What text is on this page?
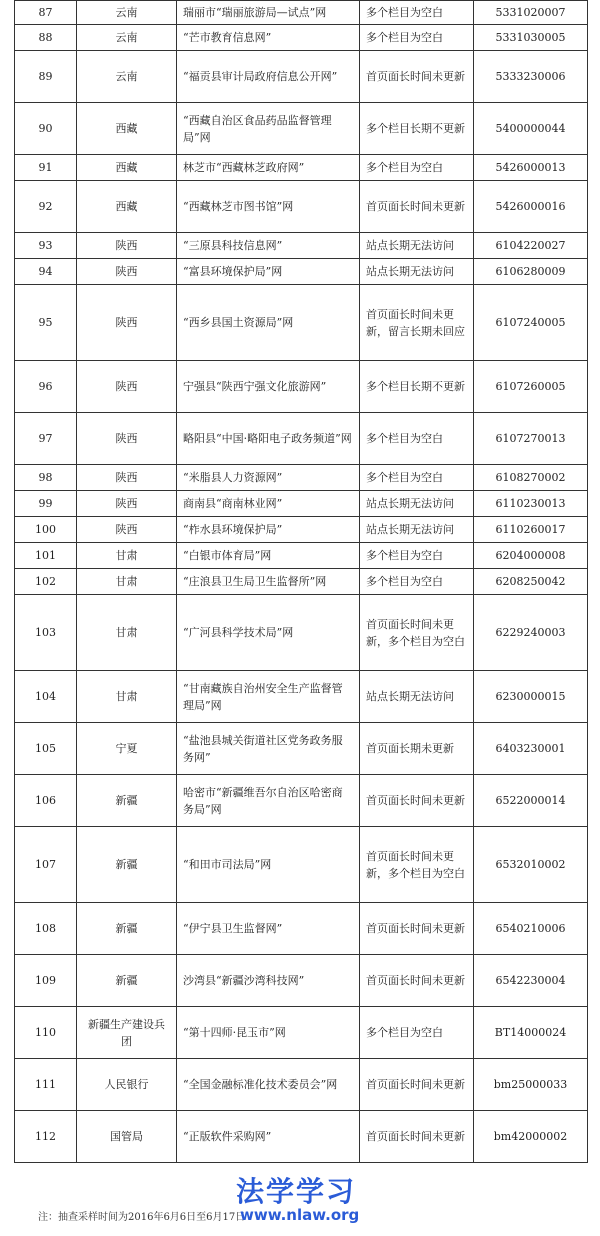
87	云南	瑞丽市“瑞丽旅游局—试点”网	多个栏目为空白	5331020007
88	云南	“芒市教育信息网”	多个栏目为空白	5331030005
89	云南	“福贡县审计局政府信息公开网”	首页面长时间未更新	5333230006
90	西藏	“西藏自治区食品药品监督管理局”网	多个栏目长期不更新	5400000044
91	西藏	林芝市“西藏林芝政府网”	多个栏目为空白	5426000013
92	西藏	“西藏林芝市图书馆”网	首页面长时间未更新	5426000016
93	陕西	“三原县科技信息网”	站点长期无法访问	6104220027
94	陕西	“富县环境保护局”网	站点长期无法访问	6106280009
95	陕西	“西乡县国土资源局”网	首页面长时间未更新，留言长期未回应	6107240005
96	陕西	宁强县“陕西宁强文化旅游网”	多个栏目长期不更新	6107260005
97	陕西	略阳县“中国·略阳电子政务频道”网	多个栏目为空白	6107270013
98	陕西	“米脂县人力资源网”	多个栏目为空白	6108270002
99	陕西	商南县“商南林业网”	站点长期无法访问	6110230013
100	陕西	“柞水县环境保护局”	站点长期无法访问	6110260017
101	甘肃	“白银市体育局”网	多个栏目为空白	6204000008
102	甘肃	“庄浪县卫生局卫生监督所”网	多个栏目为空白	6208250042
103	甘肃	“广河县科学技术局”网	首页面长时间未更新，多个栏目为空白	6229240003
104	甘肃	“甘南藏族自治州安全生产监督管理局”网	站点长期无法访问	6230000015
105	宁夏	“盐池县城关街道社区党务政务服务网”	首页面长期未更新	6403230001
106	新疆	哈密市“新疆维吾尔自治区哈密商务局”网	首页面长时间未更新	6522000014
107	新疆	“和田市司法局”网	首页面长时间未更新，多个栏目为空白	6532010002
108	新疆	“伊宁县卫生监督网”	首页面长时间未更新	6540210006
109	新疆	沙湾县“新疆沙湾科技网”	首页面长时间未更新	6542230004
110	新疆生产建设兵团	“第十四师·昆玉市”网	多个栏目为空白	BT14000024
111	人民银行	“全国金融标准化技术委员会”网	首页面长时间未更新	bm25000033
112	国管局	“正版软件采购网”	首页面长时间未更新	bm42000002
注：抽查采样时间为2016年6月6日至6月17日
法学学习
www.nlaw.org
